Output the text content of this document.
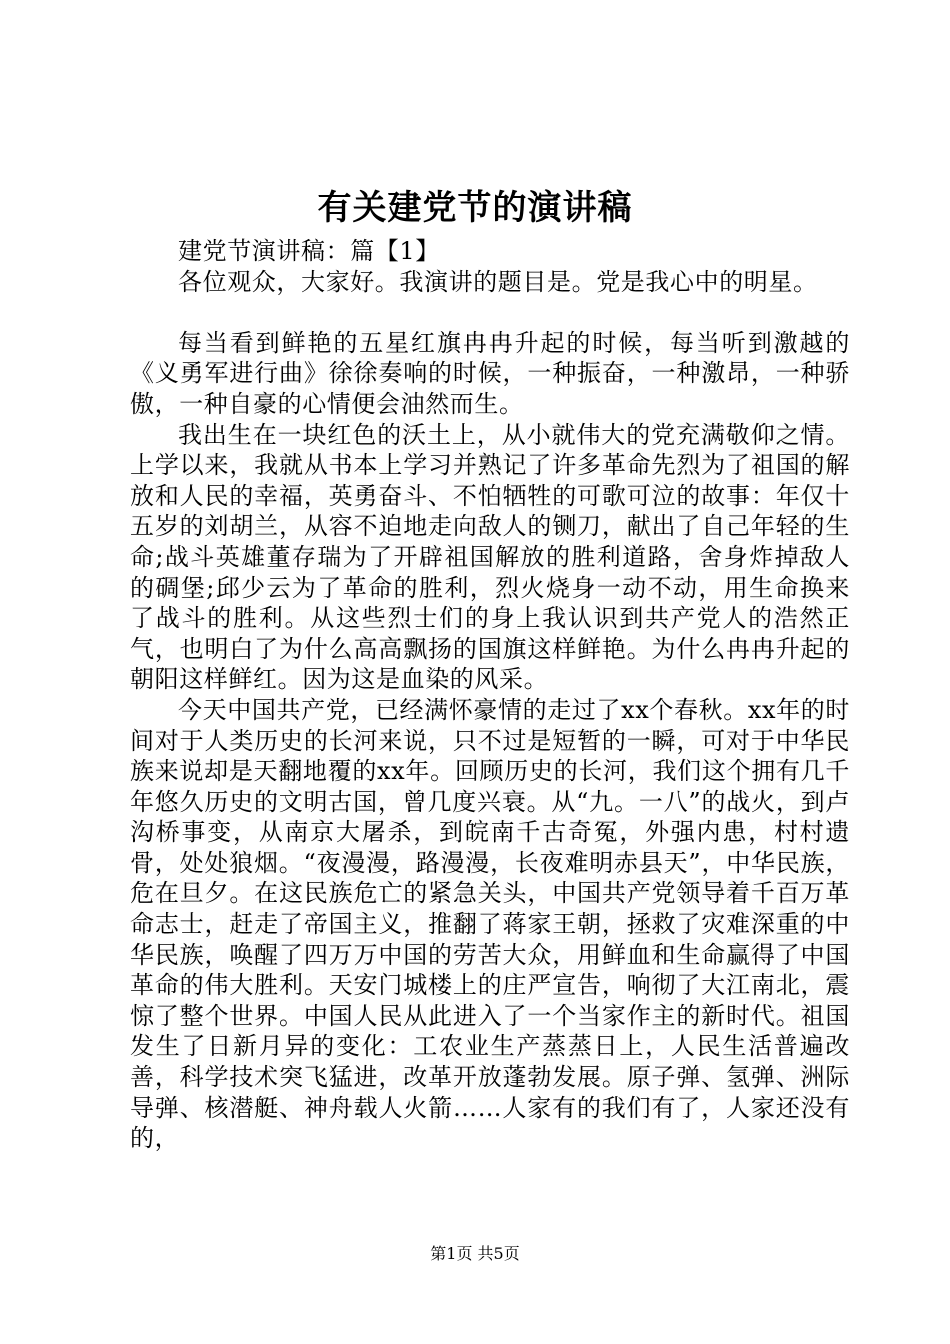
有关建党节的演讲稿

建党节演讲稿：篇【1】

各位观众，大家好。我演讲的题目是。党是我心中的明星。

每当看到鲜艳的五星红旗冉冉升起的时候，每当听到激越的《义勇军进行曲》徐徐奏响的时候，一种振奋，一种激昂，一种骄傲，一种自豪的心情便会油然而生。

我出生在一块红色的沃土上，从小就伟大的党充满敬仰之情。上学以来，我就从书本上学习并熟记了许多革命先烈为了祖国的解放和人民的幸福，英勇奋斗、不怕牺牲的可歌可泣的故事：年仅十五岁的刘胡兰，从容不迫地走向敌人的铡刀，献出了自己年轻的生命;战斗英雄董存瑞为了开辟祖国解放的胜利道路，舍身炸掉敌人的碉堡;邱少云为了革命的胜利，烈火烧身一动不动，用生命换来了战斗的胜利。从这些烈士们的身上我认识到共产党人的浩然正气，也明白了为什么高高飘扬的国旗这样鲜艳。为什么冉冉升起的朝阳这样鲜红。因为这是血染的风采。

今天中国共产党，已经满怀豪情的走过了xx个春秋。xx年的时间对于人类历史的长河来说，只不过是短暂的一瞬，可对于中华民族来说却是天翻地覆的xx年。回顾历史的长河，我们这个拥有几千年悠久历史的文明古国，曾几度兴衰。从“九。一八”的战火，到卢沟桥事变，从南京大屠杀，到皖南千古奇冤，外强内患，村村遗骨，处处狼烟。“夜漫漫，路漫漫，长夜难明赤县天”，中华民族，危在旦夕。在这民族危亡的紧急关头，中国共产党领导着千百万革命志士，赶走了帝国主义，推翻了蒋家王朝，拯救了灾难深重的中华民族，唤醒了四万万中国的劳苦大众，用鲜血和生命赢得了中国革命的伟大胜利。天安门城楼上的庄严宣告，响彻了大江南北，震惊了整个世界。中国人民从此进入了一个当家作主的新时代。祖国发生了日新月异的变化：工农业生产蒸蒸日上，人民生活普遍改善，科学技术突飞猛进，改革开放蓬勃发展。原子弹、氢弹、洲际导弹、核潜艇、神舟载人火箭……人家有的我们有了，人家还没有的，

第1页 共5页
